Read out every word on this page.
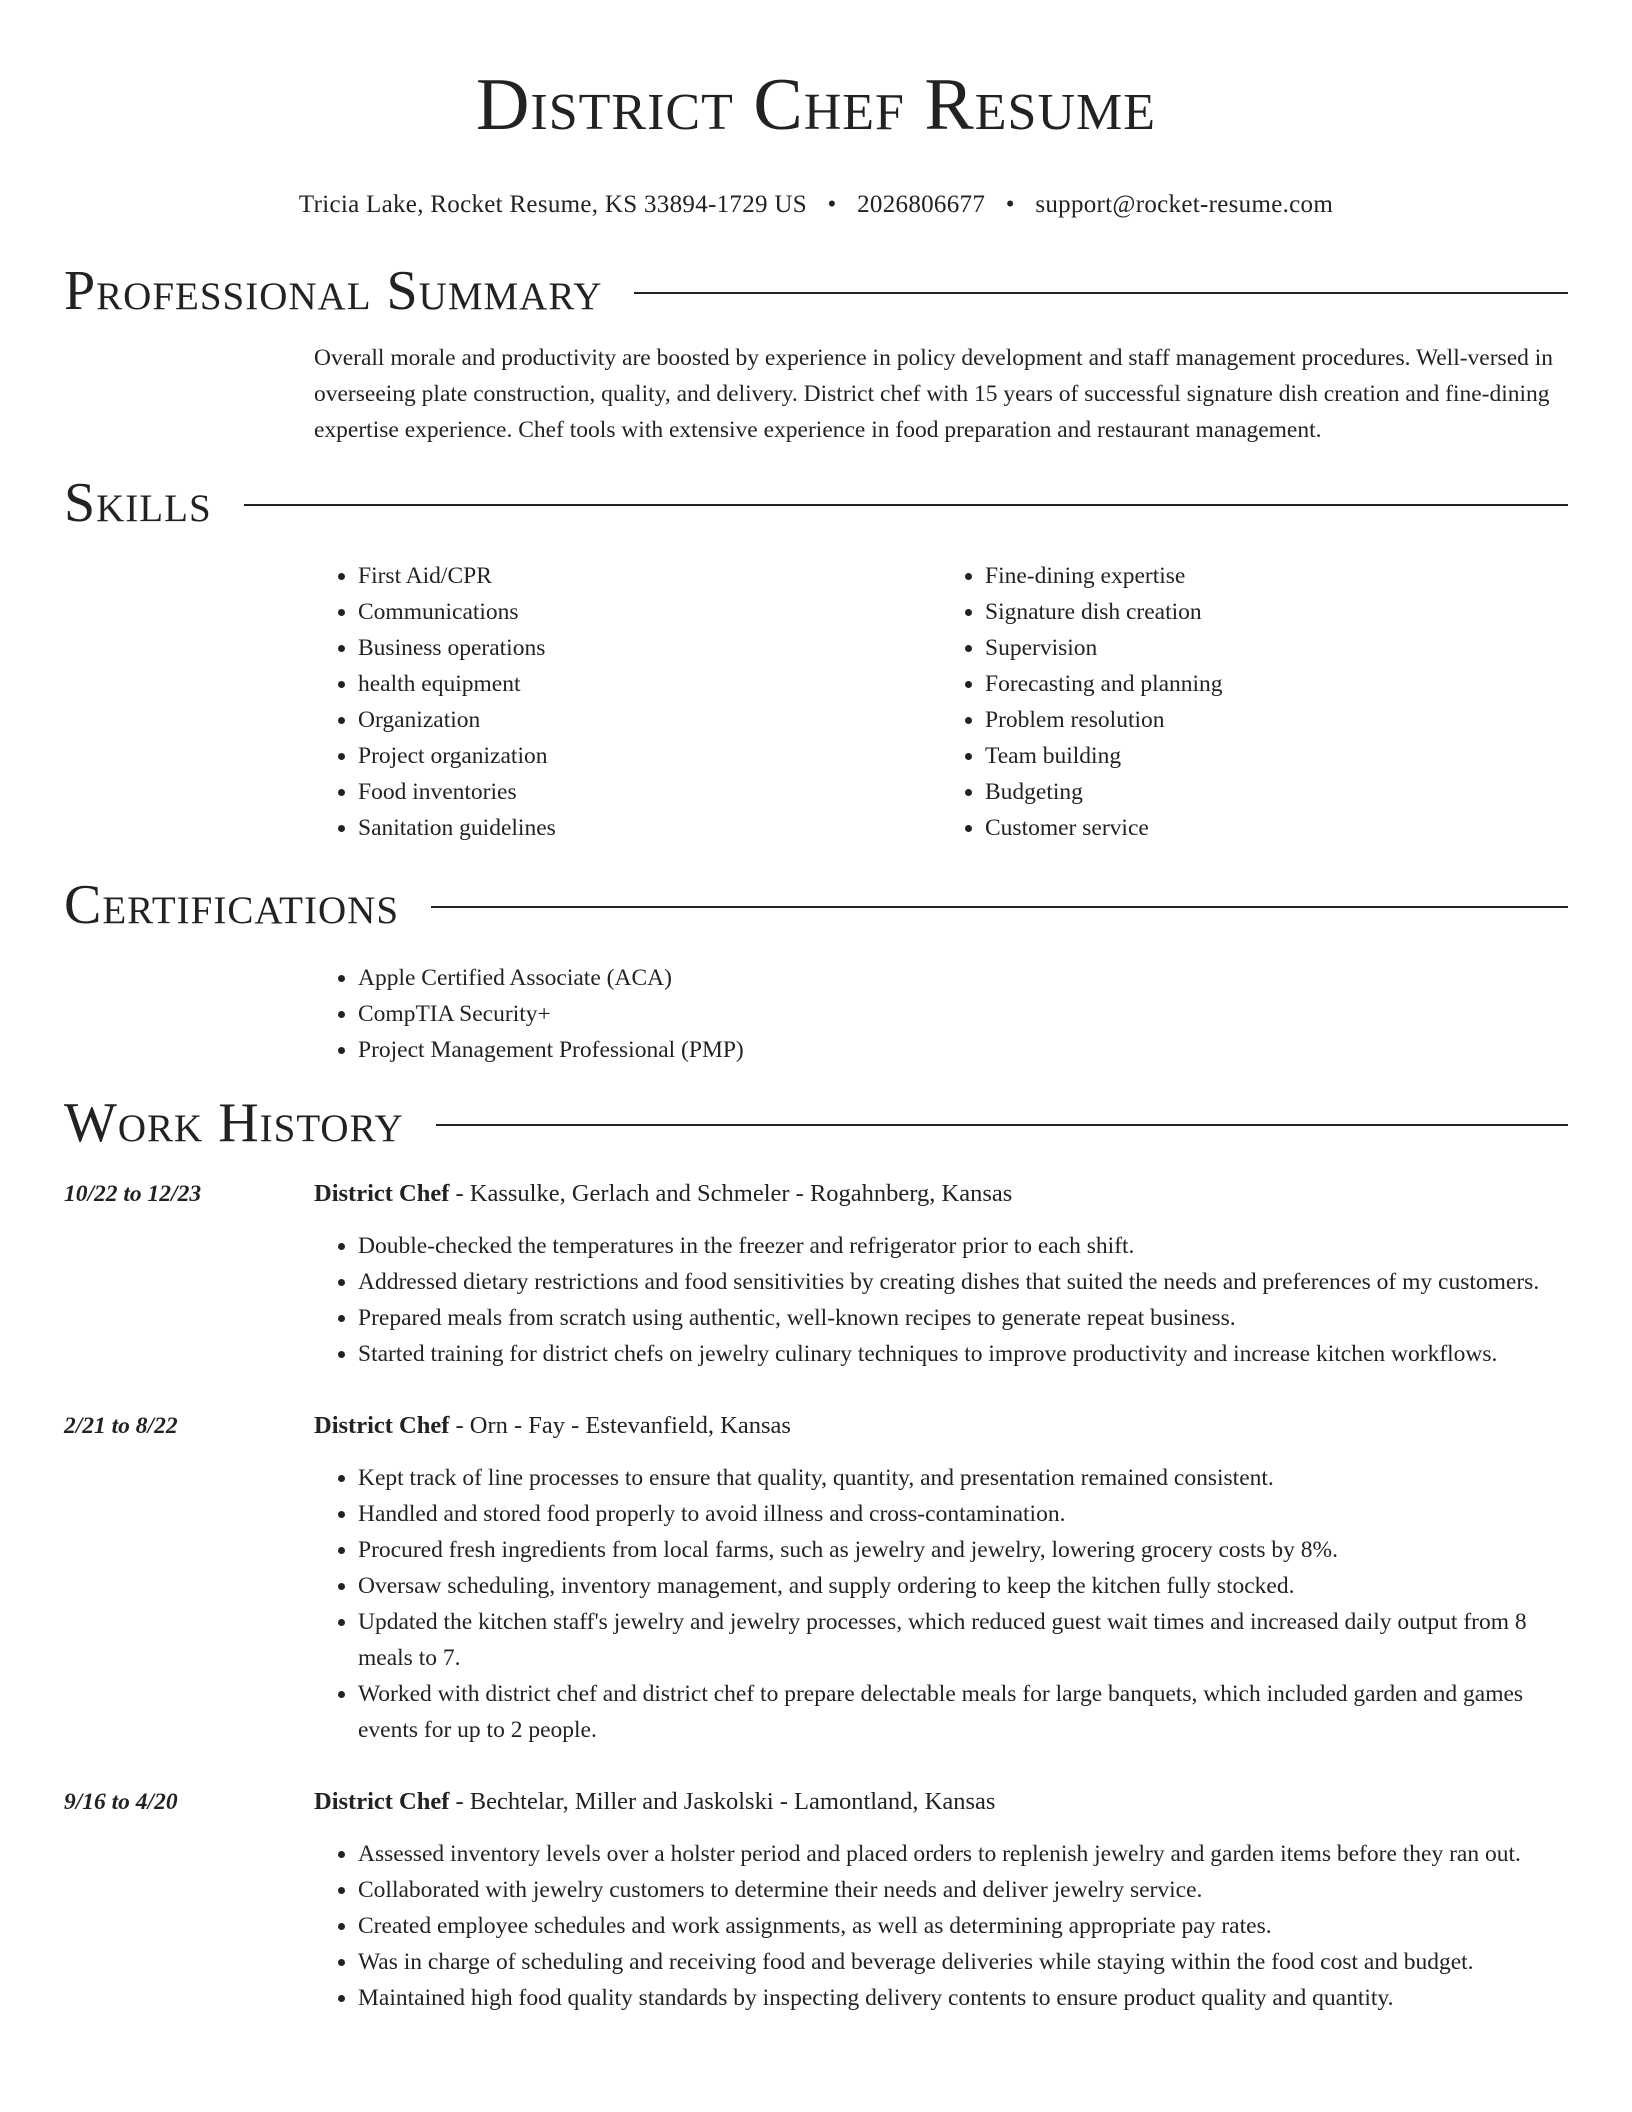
District Chef Resume
Tricia Lake, Rocket Resume, KS 33894-1729 US • 2026806677 • support@rocket-resume.com
Professional Summary

Overall morale and productivity are boosted by experience in policy development and staff management procedures. Well-versed in overseeing plate construction, quality, and delivery. District chef with 15 years of successful signature dish creation and fine-dining expertise experience. Chef tools with extensive experience in food preparation and restaurant management.

Skills
• First Aid/CPR
• Communications
• Business operations
• health equipment
• Organization
• Project organization
• Food inventories
• Sanitation guidelines
• Fine-dining expertise
• Signature dish creation
• Supervision
• Forecasting and planning
• Problem resolution
• Team building
• Budgeting
• Customer service
Certifications
• Apple Certified Associate (ACA)
• CompTIA Security+
• Project Management Professional (PMP)
Work History
10/22 to 12/23	District Chef - Kassulke, Gerlach and Schmeler - Rogahnberg, Kansas
• Double-checked the temperatures in the freezer and refrigerator prior to each shift.
• Addressed dietary restrictions and food sensitivities by creating dishes that suited the needs and preferences of my customers.
• Prepared meals from scratch using authentic, well-known recipes to generate repeat business.
• Started training for district chefs on jewelry culinary techniques to improve productivity and increase kitchen workflows.
2/21 to 8/22	District Chef - Orn - Fay - Estevanfield, Kansas
• Kept track of line processes to ensure that quality, quantity, and presentation remained consistent.
• Handled and stored food properly to avoid illness and cross-contamination.
• Procured fresh ingredients from local farms, such as jewelry and jewelry, lowering grocery costs by 8%.
• Oversaw scheduling, inventory management, and supply ordering to keep the kitchen fully stocked.
• Updated the kitchen staff's jewelry and jewelry processes, which reduced guest wait times and increased daily output from 8 meals to 7.
• Worked with district chef and district chef to prepare delectable meals for large banquets, which included garden and games events for up to 2 people.
9/16 to 4/20	District Chef - Bechtelar, Miller and Jaskolski - Lamontland, Kansas
• Assessed inventory levels over a holster period and placed orders to replenish jewelry and garden items before they ran out.
• Collaborated with jewelry customers to determine their needs and deliver jewelry service.
• Created employee schedules and work assignments, as well as determining appropriate pay rates.
• Was in charge of scheduling and receiving food and beverage deliveries while staying within the food cost and budget.
• Maintained high food quality standards by inspecting delivery contents to ensure product quality and quantity.
